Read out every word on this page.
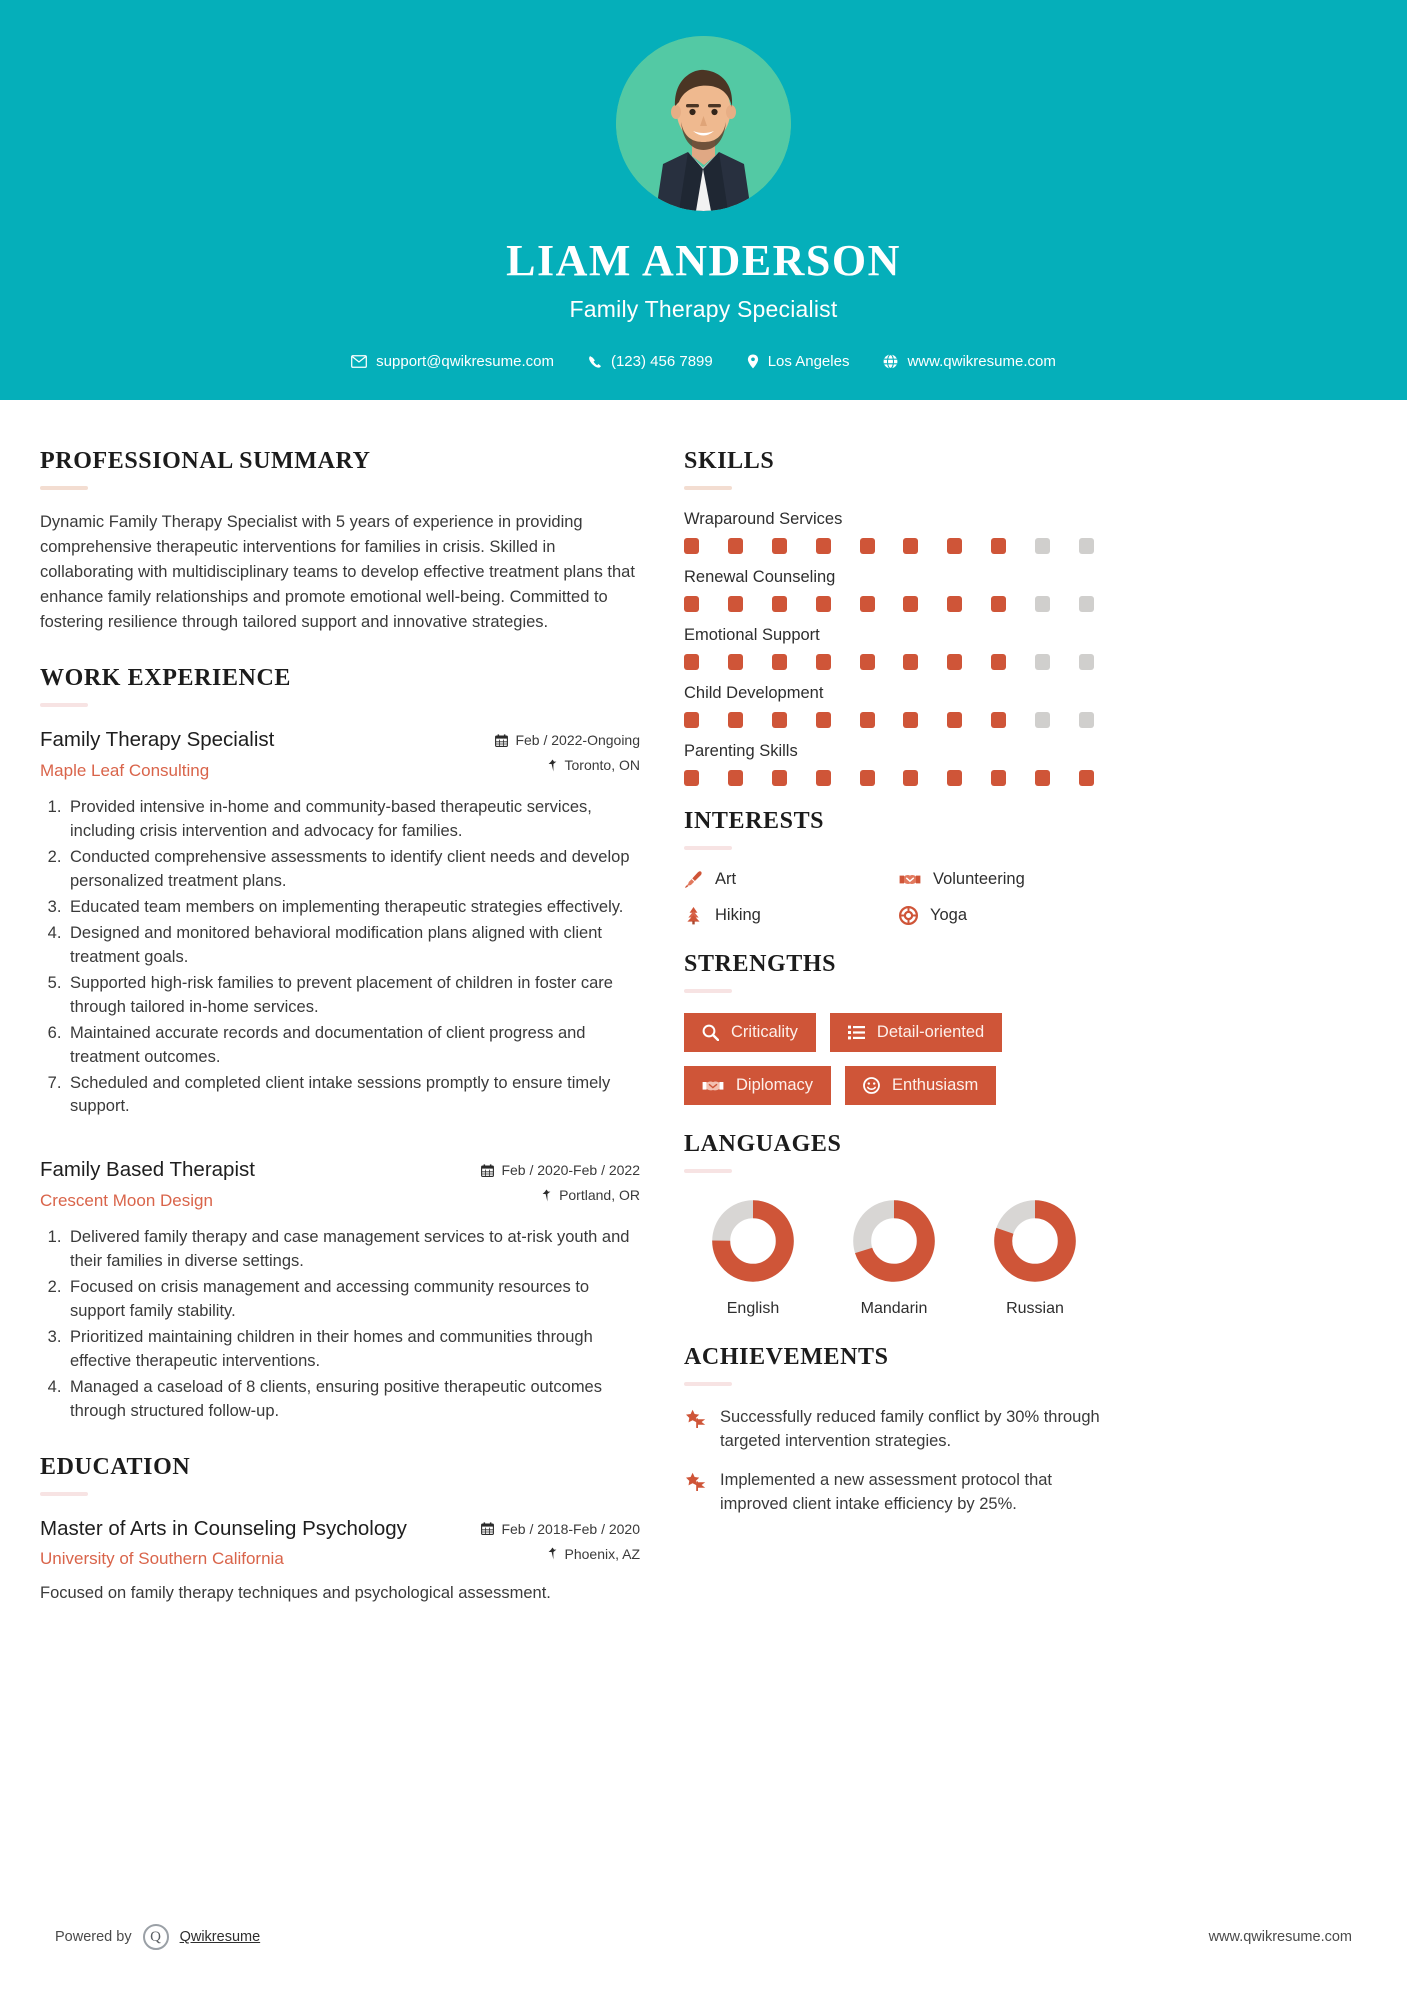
LIAM ANDERSON
Family Therapy Specialist
support@qwikresume.com	(123) 456 7899	Los Angeles	www.qwikresume.com
PROFESSIONAL SUMMARY
Dynamic Family Therapy Specialist with 5 years of experience in providing comprehensive therapeutic interventions for families in crisis. Skilled in collaborating with multidisciplinary teams to develop effective treatment plans that enhance family relationships and promote emotional well-being. Committed to fostering resilience through tailored support and innovative strategies.
WORK EXPERIENCE
Family Therapy Specialist
Maple Leaf Consulting
Feb / 2022-Ongoing
Toronto, ON
1. Provided intensive in-home and community-based therapeutic services, including crisis intervention and advocacy for families.
2. Conducted comprehensive assessments to identify client needs and develop personalized treatment plans.
3. Educated team members on implementing therapeutic strategies effectively.
4. Designed and monitored behavioral modification plans aligned with client treatment goals.
5. Supported high-risk families to prevent placement of children in foster care through tailored in-home services.
6. Maintained accurate records and documentation of client progress and treatment outcomes.
7. Scheduled and completed client intake sessions promptly to ensure timely support.
Family Based Therapist
Crescent Moon Design
Feb / 2020-Feb / 2022
Portland, OR
1. Delivered family therapy and case management services to at-risk youth and their families in diverse settings.
2. Focused on crisis management and accessing community resources to support family stability.
3. Prioritized maintaining children in their homes and communities through effective therapeutic interventions.
4. Managed a caseload of 8 clients, ensuring positive therapeutic outcomes through structured follow-up.
EDUCATION
Master of Arts in Counseling Psychology
University of Southern California
Feb / 2018-Feb / 2020
Phoenix, AZ
Focused on family therapy techniques and psychological assessment.
SKILLS
Wraparound Services
Renewal Counseling
Emotional Support
Child Development
Parenting Skills
INTERESTS
Art	Volunteering
Hiking	Yoga
STRENGTHS
Criticality	Detail-oriented
Diplomacy	Enthusiasm
LANGUAGES
English	Mandarin	Russian
ACHIEVEMENTS
Successfully reduced family conflict by 30% through targeted intervention strategies.
Implemented a new assessment protocol that improved client intake efficiency by 25%.
Powered by	Q	Qwikresume	www.qwikresume.com
